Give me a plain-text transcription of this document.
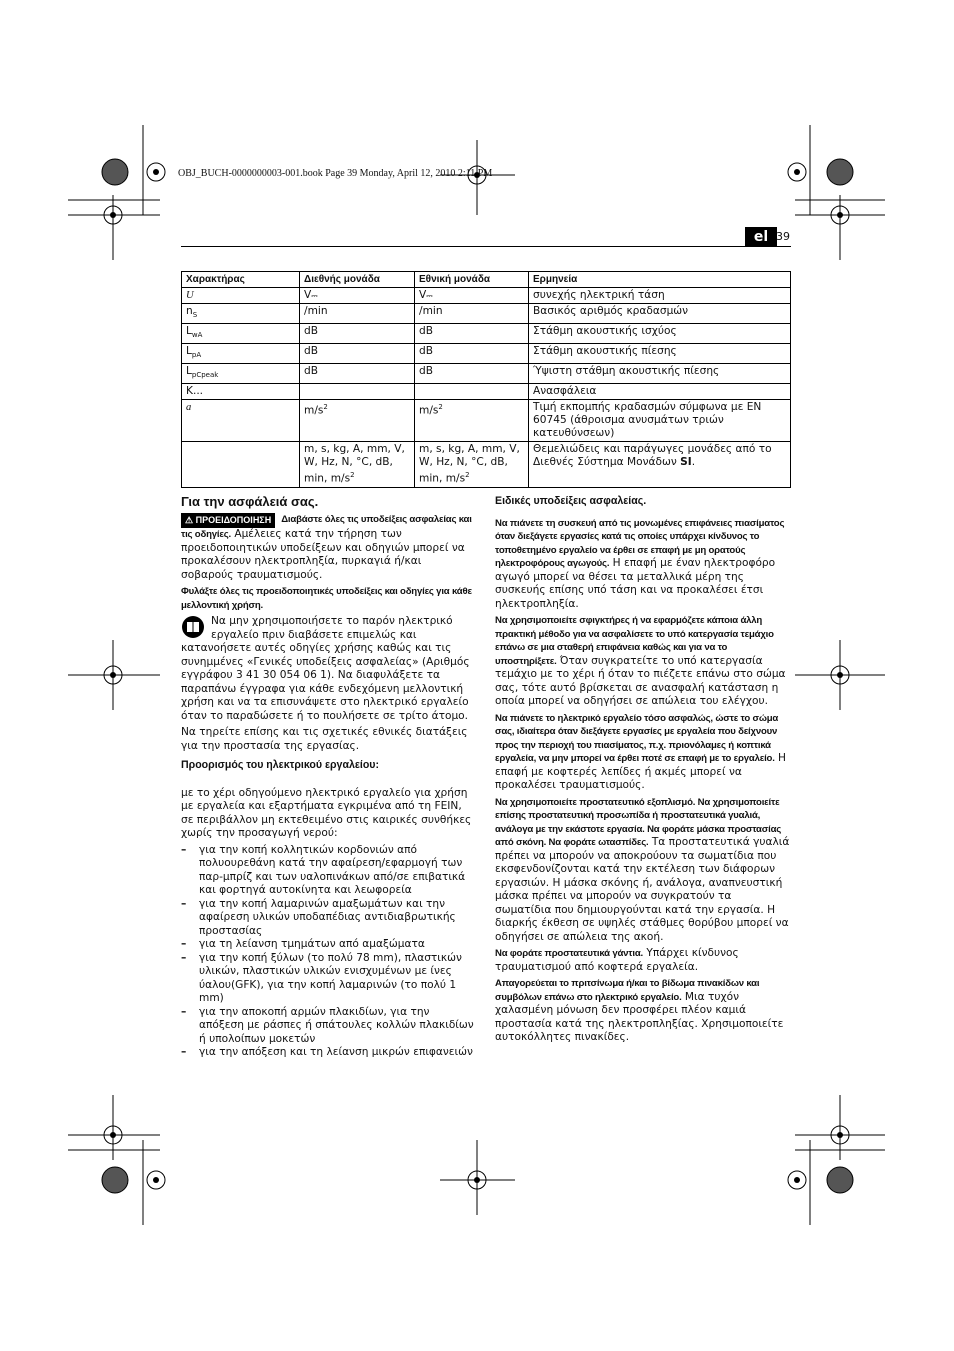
OBJ_BUCH-0000000003-001.book Page 39 Monday, April 12, 2010 2:11 PM
el 39
Χαρακτήρας	Διεθνής μονάδα	Εθνική μονάδα	Ερμηνεία
U	V⎓	V⎓	συνεχής ηλεκτρική τάση
$n_S$	/min	/min	Βασικός αριθμός κραδασμών
$L_{wA}$	dB	dB	Στάθμη ακουστικής ισχύος
$L_{pA}$	dB	dB	Στάθμη ακουστικής πίεσης
$L_{pCpeak}$	dB	dB	Ύψιστη στάθμη ακουστικής πίεσης
K...			Ανασφάλεια
a	$m/s^2$	$m/s^2$	Τιμή εκπομπής κραδασμών σύμφωνα με EN 60745 (άθροισμα ανυσμάτων τριών κατευθύνσεων)
	m, s, kg, A, mm, V, W, Hz, N, °C, dB, min, $m/s^2$	m, s, kg, A, mm, V, W, Hz, N, °C, dB, min, $m/s^2$	Θεμελιώδεις και παράγωγες μονάδες από το Διεθνές Σύστημα Μονάδων SI.
Για την ασφάλειά σας.

⚠ ΠΡΟΕΙΔΟΠΟΙΗΣΗ Διαβάστε όλες τις υποδείξεις ασφαλείας και τις οδηγίες. Αμέλειες κατά την τήρηση των προειδοποιητικών υποδείξεων και οδηγιών μπορεί να προκαλέσουν ηλεκτροπληξία, πυρκαγιά ή/και σοβαρούς τραυματισμούς.

Φυλάξτε όλες τις προειδοποιητικές υποδείξεις και οδηγίες για κάθε μελλοντική χρήση.

Να μην χρησιμοποιήσετε το παρόν ηλεκτρικό εργαλείο πριν διαβάσετε επιμελώς και κατανοήσετε αυτές οδηγίες χρήσης καθώς και τις συνημμένες «Γενικές υποδείξεις ασφαλείας» (Αριθμός εγγράφου 3 41 30 054 06 1). Να διαφυλάξετε τα παραπάνω έγγραφα για κάθε ενδεχόμενη μελλοντική χρήση και να τα επισυνάψετε στο ηλεκτρικό εργαλείο όταν το παραδώσετε ή το πουλήσετε σε τρίτο άτομο.

Να τηρείτε επίσης και τις σχετικές εθνικές διατάξεις για την προστασία της εργασίας.

Προορισμός του ηλεκτρικού εργαλείου:

με το χέρι οδηγούμενο ηλεκτρικό εργαλείο για χρήση με εργαλεία και εξαρτήματα εγκριμένα από τη FEIN, σε περιβάλλον μη εκτεθειμένο στις καιρικές συνθήκες χωρίς την προσαγωγή νερού:

– για την κοπή κολλητικών κορδονιών από πολυουρεθάνη κατά την αφαίρεση/εφαρμογή των παρ-μπρίζ και των υαλοπινάκων από/σε επιβατικά και φορτηγά αυτοκίνητα και λεωφορεία
– για την κοπή λαμαρινών αμαξωμάτων και την αφαίρεση υλικών υποδαπέδιας αντιδιαβρωτικής προστασίας
– για τη λείανση τμημάτων από αμαξώματα
– για την κοπή ξύλων (το πολύ 78 mm), πλαστικών υλικών, πλαστικών υλικών ενισχυμένων με ίνες ύαλου(GFK), για την κοπή λαμαρινών (το πολύ 1 mm)
– για την αποκοπή αρμών πλακιδίων, για την απόξεση με ράσπες ή σπάτουλες κολλών πλακιδίων ή υπολοίπων μοκετών
– για την απόξεση και τη λείανση μικρών επιφανειών
Ειδικές υποδείξεις ασφαλείας.

Να πιάνετε τη συσκευή από τις μονωμένες επιφάνειες πιασίματος όταν διεξάγετε εργασίες κατά τις οποίες υπάρχει κίνδυνος το τοποθετημένο εργαλείο να έρθει σε επαφή με μη ορατούς ηλεκτροφόρους αγωγούς. Η επαφή με έναν ηλεκτροφόρο αγωγό μπορεί να θέσει τα μεταλλικά μέρη της συσκευής επίσης υπό τάση και να προκαλέσει έτσι ηλεκτροπληξία.

Να χρησιμοποιείτε σφιγκτήρες ή να εφαρμόζετε κάποια άλλη πρακτική μέθοδο για να ασφαλίσετε το υπό κατεργασία τεμάχιο επάνω σε μια σταθερή επιφάνεια καθώς και για να το υποστηρίξετε. Όταν συγκρατείτε το υπό κατεργασία τεμάχιο με το χέρι ή όταν το πιέζετε επάνω στο σώμα σας, τότε αυτό βρίσκεται σε ανασφαλή κατάσταση η οποία μπορεί να οδηγήσει σε απώλεια του ελέγχου.

Να πιάνετε το ηλεκτρικό εργαλείο τόσο ασφαλώς, ώστε το σώμα σας, ιδιαίτερα όταν διεξάγετε εργασίες με εργαλεία που δείχνουν προς την περιοχή του πιασίματος, π.χ. πριονόλαμες ή κοπτικά εργαλεία, να μην μπορεί να έρθει ποτέ σε επαφή με το εργαλείο. Η επαφή με κοφτερές λεπίδες ή ακμές μπορεί να προκαλέσει τραυματισμούς.

Να χρησιμοποιείτε προστατευτικό εξοπλισμό. Να χρησιμοποιείτε επίσης προστατευτική προσωπίδα ή προστατευτικά γυαλιά, ανάλογα με την εκάστοτε εργασία. Να φοράτε μάσκα προστασίας από σκόνη. Να φοράτε ωτασπίδες. Τα προστατευτικά γυαλιά πρέπει να μπορούν να αποκρούουν τα σωματίδια που εκσφενδονίζονται κατά την εκτέλεση των διάφορων εργασιών. Η μάσκα σκόνης ή, ανάλογα, αναπνευστική μάσκα πρέπει να μπορούν να συγκρατούν τα σωματίδια που δημιουργούνται κατά την εργασία. Η διαρκής έκθεση σε υψηλές στάθμες θορύβου μπορεί να οδηγήσει σε απώλεια της ακοή.

Να φοράτε προστατευτικά γάντια. Υπάρχει κίνδυνος τραυματισμού από κοφτερά εργαλεία.

Απαγορεύεται το πριτσίνωμα ή/και το βίδωμα πινακίδων και συμβόλων επάνω στο ηλεκτρικό εργαλείο. Μια τυχόν χαλασμένη μόνωση δεν προσφέρει πλέον καμιά προστασία κατά της ηλεκτροπληξίας. Χρησιμοποιείτε αυτοκόλλητες πινακίδες.
